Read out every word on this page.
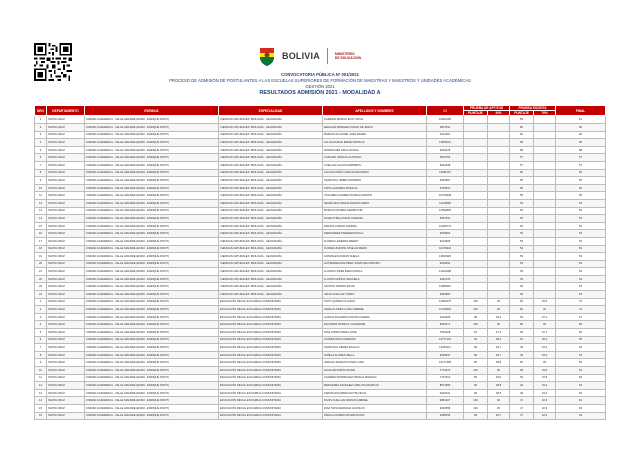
BOLIVIA	MINISTERIO
DE EDUCACIÓN
CONVOCATORIA PÚBLICA Nº 001/2021
PROCESO DE ADMISIÓN DE POSTULANTES A LAS ESCUELAS SUPERIORES DE FORMACIÓN DE MAESTRAS Y MAESTROS Y UNIDADES ACADÉMICAS
GESTIÓN 2021
RESULTADOS ADMISIÓN 2021 - MODALIDAD A
NRO	DEPARTAMENTO	ESFM/UA	ESPECIALIDAD	APELLIDOS Y NOMBRES	CI	PRUEBA DE APTITUD		PRUEBA ESCRITA		FINAL
						PUNTAJE	30%	PUNTAJE	70%	
1	SANTA CRUZ	UNIDAD ACADEMICA - VALLE GRANDE (ESFM - ENRIQUE FINOT)	CIENCIAS NATURALES: BIOLOGÍA - GEOGRAFÍA	CAMERIA MORON ELSY MAYE	12834166			55		61
2	SANTA CRUZ	UNIDAD ACADEMICA - VALLE GRANDE (ESFM - ENRIQUE FINOT)	CIENCIAS NATURALES: BIOLOGÍA - GEOGRAFÍA	MEGGAR MORLEDO DAVID DE JESUS	9837811			60		60
3	SANTA CRUZ	UNIDAD ACADEMICA - VALLE GRANDE (ESFM - ENRIQUE FINOT)	CIENCIAS NATURALES: BIOLOGÍA - GEOGRAFÍA	MAMANI ALCOCER JOSE DANIEL	9412002			60		60
4	SANTA CRUZ	UNIDAD ACADEMICA - VALLE GRANDE (ESFM - ENRIQUE FINOT)	CIENCIAS NATURALES: BIOLOGÍA - GEOGRAFÍA	ULLOA DURAN IRENE PATRICIA	13825221			59		59
5	SANTA CRUZ	UNIDAD ACADEMICA - VALLE GRANDE (ESFM - ENRIQUE FINOT)	CIENCIAS NATURALES: BIOLOGÍA - GEOGRAFÍA	RODRIGUEZ VAKA NICOLE	9049278			58		58
6	SANTA CRUZ	UNIDAD ACADEMICA - VALLE GRANDE (ESFM - ENRIQUE FINOT)	CIENCIAS NATURALES: BIOLOGÍA - GEOGRAFÍA	CANCARI VARGAS GUSTAVO	5976766			57		57
7	SANTA CRUZ	UNIDAD ACADEMICA - VALLE GRANDE (ESFM - ENRIQUE FINOT)	CIENCIAS NATURALES: BIOLOGÍA - GEOGRAFÍA	CUELLAR GALVIS MARIBETH	9842848			57		57
8	SANTA CRUZ	UNIDAD ACADEMICA - VALLE GRANDE (ESFM - ENRIQUE FINOT)	CIENCIAS NATURALES: BIOLOGÍA - GEOGRAFÍA	LACUNA PEÑA CARLOS EDUARDO	13081107			56		56
9	SANTA CRUZ	UNIDAD ACADEMICA - VALLE GRANDE (ESFM - ENRIQUE FINOT)	CIENCIAS NATURALES: BIOLOGÍA - GEOGRAFÍA	SANDOVAL JIMBIA NAVARRO	9020667			55		55
10	SANTA CRUZ	UNIDAD ACADEMICA - VALLE GRANDE (ESFM - ENRIQUE FINOT)	CIENCIAS NATURALES: BIOLOGÍA - GEOGRAFÍA	TAPIA ALIZARES ROSALIA	9750514			55		55
11	SANTA CRUZ	UNIDAD ACADEMICA - VALLE GRANDE (ESFM - ENRIQUE FINOT)	CIENCIAS NATURALES: BIOLOGÍA - GEOGRAFÍA	VOLUMEN SUAREZ RONALD MARTIN	10740948			55		55
12	SANTA CRUZ	UNIDAD ACADEMICA - VALLE GRANDE (ESFM - ENRIQUE FINOT)	CIENCIAS NATURALES: BIOLOGÍA - GEOGRAFÍA	NEUÑA MAYUMANA RAMON DARIO	11010899			54		54
13	SANTA CRUZ	UNIDAD ACADEMICA - VALLE GRANDE (ESFM - ENRIQUE FINOT)	CIENCIAS NATURALES: BIOLOGÍA - GEOGRAFÍA	BURGOS RIVERA GERMAYOR	14594846			54		54
14	SANTA CRUZ	UNIDAD ACADEMICA - VALLE GRANDE (ESFM - ENRIQUE FINOT)	CIENCIAS NATURALES: BIOLOGÍA - GEOGRAFÍA	SOLETO BALCAZAR VANESSA	6927631			54		54
15	SANTA CRUZ	UNIDAD ACADEMICA - VALLE GRANDE (ESFM - ENRIQUE FINOT)	CIENCIAS NATURALES: BIOLOGÍA - GEOGRAFÍA	ZARATE LIZMAR SANDRA	12945773			54		54
16	SANTA CRUZ	UNIDAD ACADEMICA - VALLE GRANDE (ESFM - ENRIQUE FINOT)	CIENCIAS NATURALES: BIOLOGÍA - GEOGRAFÍA	FERNANDEZ PAREDES PAOLA	9005963			53		53
17	SANTA CRUZ	UNIDAD ACADEMICA - VALLE GRANDE (ESFM - ENRIQUE FINOT)	CIENCIAS NATURALES: BIOLOGÍA - GEOGRAFÍA	FLORES LEDEZMA WENDY	9010905			53		53
18	SANTA CRUZ	UNIDAD ACADEMICA - VALLE GRANDE (ESFM - ENRIQUE FINOT)	CIENCIAS NATURALES: BIOLOGÍA - GEOGRAFÍA	FLORES ZARATE JOSE ALFREDO	10470942			53		53
19	SANTA CRUZ	UNIDAD ACADEMICA - VALLE GRANDE (ESFM - ENRIQUE FINOT)	CIENCIAS NATURALES: BIOLOGÍA - GEOGRAFÍA	GONZALES DURAN SHEILA	13823920			53		53
20	SANTA CRUZ	UNIDAD ACADEMICA - VALLE GRANDE (ESFM - ENRIQUE FINOT)	CIENCIAS NATURALES: BIOLOGÍA - GEOGRAFÍA	GUTIERREZ ESCOBAR JONATHAN ARTURO	9018694			53		53
21	SANTA CRUZ	UNIDAD ACADEMICA - VALLE GRANDE (ESFM - ENRIQUE FINOT)	CIENCIAS NATURALES: BIOLOGÍA - GEOGRAFÍA	LLANOS LOPEZ ERIKA PAOLA	13204298			53		53
22	SANTA CRUZ	UNIDAD ACADEMICA - VALLE GRANDE (ESFM - ENRIQUE FINOT)	CIENCIAS NATURALES: BIOLOGÍA - GEOGRAFÍA	LLANOS MUÑOZ GRACIELA	9401725			53		53
23	SANTA CRUZ	UNIDAD ACADEMICA - VALLE GRANDE (ESFM - ENRIQUE FINOT)	CIENCIAS NATURALES: BIOLOGÍA - GEOGRAFÍA	SANTOS RIVERO ZEYNI	12980961			53		53
24	SANTA CRUZ	UNIDAD ACADEMICA - VALLE GRANDE (ESFM - ENRIQUE FINOT)	CIENCIAS NATURALES: BIOLOGÍA - GEOGRAFÍA	VELIZ CUELLAR YORDY	9681884			53		53
1	SANTA CRUZ	UNIDAD ACADEMICA - VALLE GRANDE (ESFM - ENRIQUE FINOT)	EDUCACIÓN INICIAL EN FAMILIA COMUNITARIA	SOTO QUIROZ CLAUDIA	12906475	100	30	65	45,5	76
2	SANTA CRUZ	UNIDAD ACADEMICA - VALLE GRANDE (ESFM - ENRIQUE FINOT)	EDUCACIÓN INICIAL EN FAMILIA COMUNITARIA	VEDIA FLORES LUISA GABRIEL	12476963	100	30	60	42	72
3	SANTA CRUZ	UNIDAD ACADEMICA - VALLE GRANDE (ESFM - ENRIQUE FINOT)	EDUCACIÓN INICIAL EN FAMILIA COMUNITARIA	GARCIA FIGUEROA MAYRA IGNERA	9415208	98	29,4	53	37,1	67
4	SANTA CRUZ	UNIDAD ACADEMICA - VALLE GRANDE (ESFM - ENRIQUE FINOT)	EDUCACIÓN INICIAL EN FAMILIA COMUNITARIA	ESCOBAR FRANCO CATHERINE	9660471	100	30	50	35	65
5	SANTA CRUZ	UNIDAD ACADEMICA - VALLE GRANDE (ESFM - ENRIQUE FINOT)	EDUCACIÓN INICIAL EN FAMILIA COMUNITARIA	DIAZ LOPEZ MARIA JOSE	7844028	91	27,3	53	37,1	65
6	SANTA CRUZ	UNIDAD ACADEMICA - VALLE GRANDE (ESFM - ENRIQUE FINOT)	EDUCACIÓN INICIAL EN FAMILIA COMUNITARIA	JUAREZ ROCA MARIANA	13777124	94	28,2	52	36,4	65
7	SANTA CRUZ	UNIDAD ACADEMICA - VALLE GRANDE (ESFM - ENRIQUE FINOT)	EDUCACIÓN INICIAL EN FAMILIA COMUNITARIA	SANDOVAL PEREZ MAGALY	13453411	99	29,7	49	34,3	64
8	SANTA CRUZ	UNIDAD ACADEMICA - VALLE GRANDE (ESFM - ENRIQUE FINOT)	EDUCACIÓN INICIAL EN FAMILIA COMUNITARIA	ZUÑIGA FLORES ZELLA	9035847	99	29,7	49	34,3	64
9	SANTA CRUZ	UNIDAD ACADEMICA - VALLE GRANDE (ESFM - ENRIQUE FINOT)	EDUCACIÓN INICIAL EN FAMILIA COMUNITARIA	VARGAS MAMANI CANDI LUISA	12177408	96	28,8	50	35	64
10	SANTA CRUZ	UNIDAD ACADEMICA - VALLE GRANDE (ESFM - ENRIQUE FINOT)	EDUCACIÓN INICIAL EN FAMILIA COMUNITARIA	AGUILAR ZURITA ROXIE	7714274	100	30	48	33,6	64
11	SANTA CRUZ	UNIDAD ACADEMICA - VALLE GRANDE (ESFM - ENRIQUE FINOT)	EDUCACIÓN INICIAL EN FAMILIA COMUNITARIA	ALVAREZ RODRIGUEZ MIDALIA MILENKA	7741512	85	25,5	54	37,8	63
12	SANTA CRUZ	UNIDAD ACADEMICA - VALLE GRANDE (ESFM - ENRIQUE FINOT)	EDUCACIÓN INICIAL EN FAMILIA COMUNITARIA	MERCEDES SANCHEZ CARLOS MAURICIO	8874995	96	28,8	49	34,3	63
13	SANTA CRUZ	UNIDAD ACADEMICA - VALLE GRANDE (ESFM - ENRIQUE FINOT)	EDUCACIÓN INICIAL EN FAMILIA COMUNITARIA	ZAPATA ESCOBAR NAYITE NICOL	9440041	96	28,8	49	34,3	63
14	SANTA CRUZ	UNIDAD ACADEMICA - VALLE GRANDE (ESFM - ENRIQUE FINOT)	EDUCACIÓN INICIAL EN FAMILIA COMUNITARIA	RIVAS CUELLAR ADRIAN GABRIEL	9861207	100	30	47	32,9	63
15	SANTA CRUZ	UNIDAD ACADEMICA - VALLE GRANDE (ESFM - ENRIQUE FINOT)	EDUCACIÓN INICIAL EN FAMILIA COMUNITARIA	DIAZ TAPIA MARIANA JACINLUS	9020558	100	30	47	32,9	63
16	SANTA CRUZ	UNIDAD ACADEMICA - VALLE GRANDE (ESFM - ENRIQUE FINOT)	EDUCACIÓN INICIAL EN FAMILIA COMUNITARIA	PADILLA PARDO MAYER ROCIO	6395536	99	29,7	47	32,9	63
